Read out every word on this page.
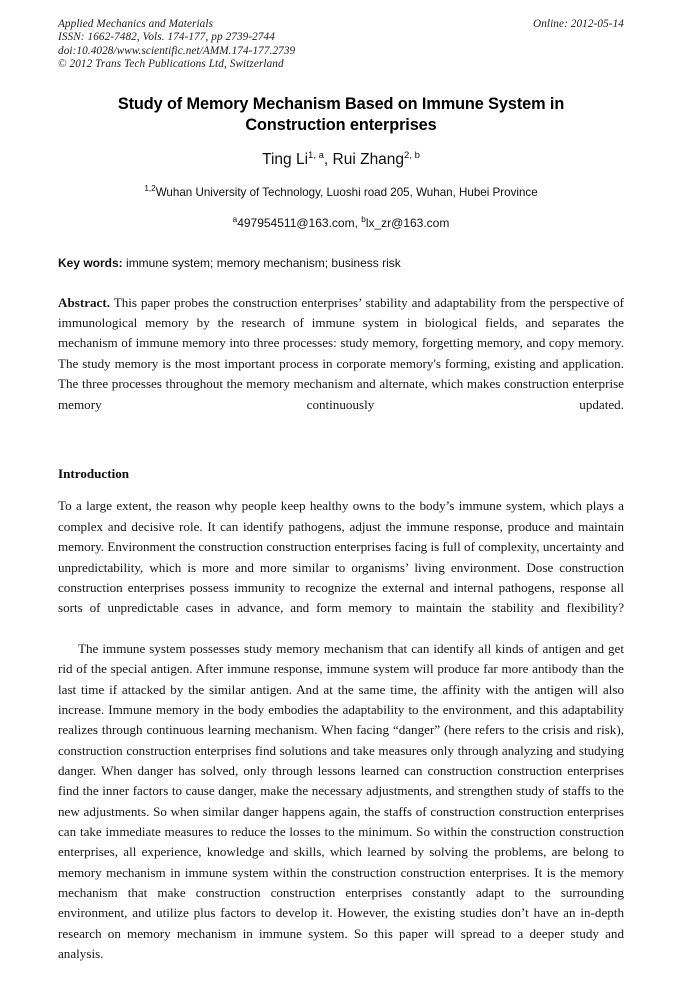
Applied Mechanics and Materials
ISSN: 1662-7482, Vols. 174-177, pp 2739-2744
doi:10.4028/www.scientific.net/AMM.174-177.2739
© 2012 Trans Tech Publications Ltd, Switzerland
Online: 2012-05-14
Study of Memory Mechanism Based on Immune System in Construction enterprises
Ting Li$^{1, a}$, Rui Zhang$^{2, b}$
$^{1,2}$Wuhan University of Technology, Luoshi road 205, Wuhan, Hubei Province
$^a$497954511@163.com, $^b$lx_zr@163.com
Key words: immune system; memory mechanism; business risk
Abstract. This paper probes the construction enterprises’ stability and adaptability from the perspective of immunological memory by the research of immune system in biological fields, and separates the mechanism of immune memory into three processes: study memory, forgetting memory, and copy memory. The study memory is the most important process in corporate memory's forming, existing and application. The three processes throughout the memory mechanism and alternate, which makes construction enterprise memory continuously updated.
Introduction
To a large extent, the reason why people keep healthy owns to the body’s immune system, which plays a complex and decisive role. It can identify pathogens, adjust the immune response, produce and maintain memory. Environment the construction construction enterprises facing is full of complexity, uncertainty and unpredictability, which is more and more similar to organisms’ living environment. Dose construction construction enterprises possess immunity to recognize the external and internal pathogens, response all sorts of unpredictable cases in advance, and form memory to maintain the stability and flexibility?
The immune system possesses study memory mechanism that can identify all kinds of antigen and get rid of the special antigen. After immune response, immune system will produce far more antibody than the last time if attacked by the similar antigen. And at the same time, the affinity with the antigen will also increase. Immune memory in the body embodies the adaptability to the environment, and this adaptability realizes through continuous learning mechanism. When facing “danger” (here refers to the crisis and risk), construction construction enterprises find solutions and take measures only through analyzing and studying danger. When danger has solved, only through lessons learned can construction construction enterprises find the inner factors to cause danger, make the necessary adjustments, and strengthen study of staffs to the new adjustments. So when similar danger happens again, the staffs of construction construction enterprises can take immediate measures to reduce the losses to the minimum. So within the construction construction enterprises, all experience, knowledge and skills, which learned by solving the problems, are belong to memory mechanism in immune system within the construction construction enterprises. It is the memory mechanism that make construction construction enterprises constantly adapt to the surrounding environment, and utilize plus factors to develop it. However, the existing studies don’t have an in-depth research on memory mechanism in immune system. So this paper will spread to a deeper study and analysis.
